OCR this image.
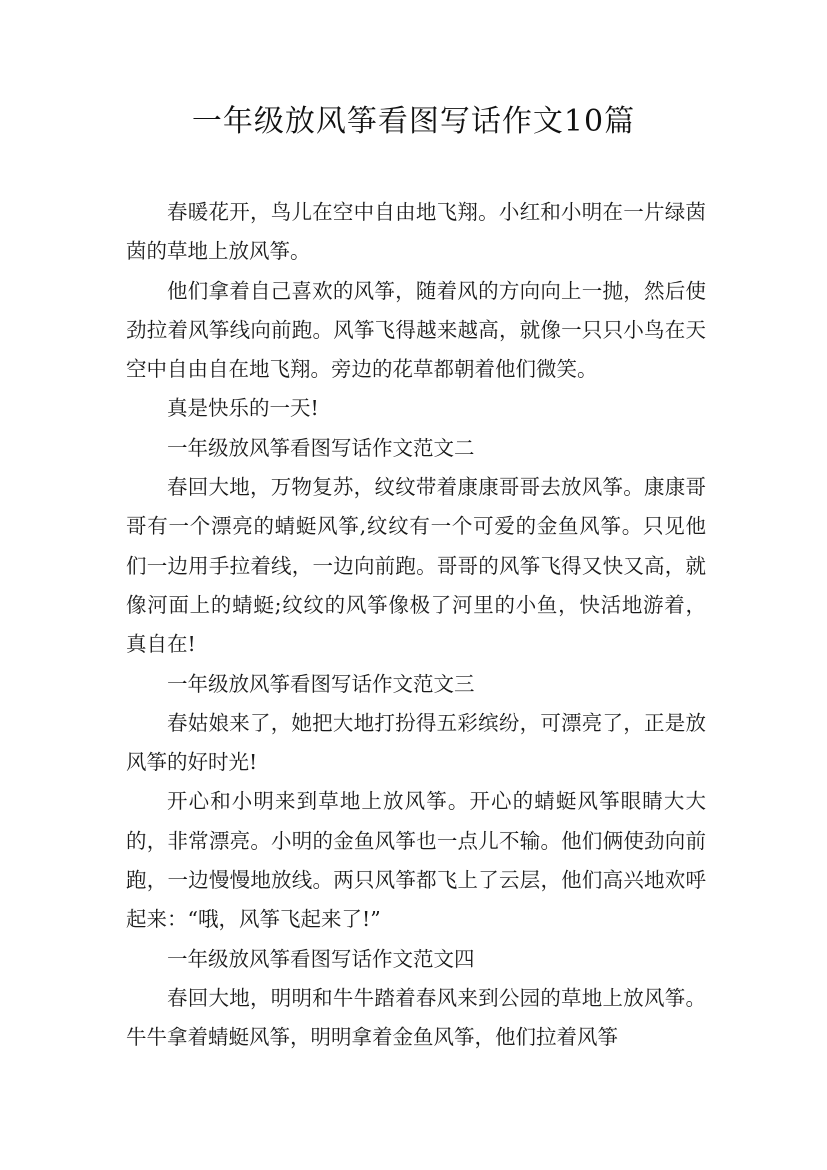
一年级放风筝看图写话作文10篇

春暖花开，鸟儿在空中自由地飞翔。小红和小明在一片绿茵茵的草地上放风筝。

他们拿着自己喜欢的风筝，随着风的方向向上一抛，然后使劲拉着风筝线向前跑。风筝飞得越来越高，就像一只只小鸟在天空中自由自在地飞翔。旁边的花草都朝着他们微笑。

真是快乐的一天!

一年级放风筝看图写话作文范文二

春回大地，万物复苏，纹纹带着康康哥哥去放风筝。康康哥哥有一个漂亮的蜻蜓风筝,纹纹有一个可爱的金鱼风筝。只见他们一边用手拉着线，一边向前跑。哥哥的风筝飞得又快又高，就像河面上的蜻蜓;纹纹的风筝像极了河里的小鱼，快活地游着，真自在!

一年级放风筝看图写话作文范文三

春姑娘来了，她把大地打扮得五彩缤纷，可漂亮了，正是放风筝的好时光!

开心和小明来到草地上放风筝。开心的蜻蜓风筝眼睛大大的，非常漂亮。小明的金鱼风筝也一点儿不输。他们俩使劲向前跑，一边慢慢地放线。两只风筝都飞上了云层，他们高兴地欢呼起来：“哦，风筝飞起来了!”

一年级放风筝看图写话作文范文四

春回大地，明明和牛牛踏着春风来到公园的草地上放风筝。牛牛拿着蜻蜓风筝，明明拿着金鱼风筝，他们拉着风筝
